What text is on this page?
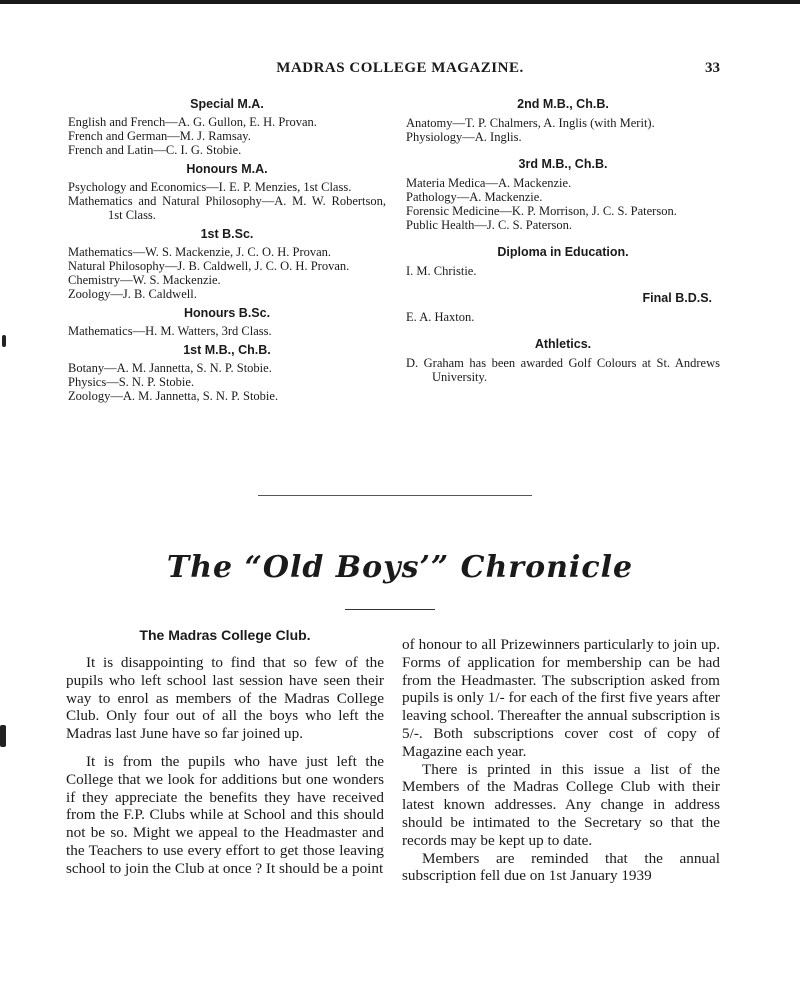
MADRAS COLLEGE MAGAZINE.	33
Special M.A.

English and French—A. G. Gullon, E. H. Provan.

French and German—M. J. Ramsay.

French and Latin—C. I. G. Stobie.

Honours M.A.

Psychology and Economics—I. E. P. Menzies, 1st Class.

Mathematics and Natural Philosophy—A. M. W. Robertson, 1st Class.

1st B.Sc.

Mathematics—W. S. Mackenzie, J. C. O. H. Provan.

Natural Philosophy—J. B. Caldwell, J. C. O. H. Provan.

Chemistry—W. S. Mackenzie.

Zoology—J. B. Caldwell.

Honours B.Sc.

Mathematics—H. M. Watters, 3rd Class.

1st M.B., Ch.B.

Botany—A. M. Jannetta, S. N. P. Stobie.

Physics—S. N. P. Stobie.

Zoology—A. M. Jannetta, S. N. P. Stobie.

2nd M.B., Ch.B.

Anatomy—T. P. Chalmers, A. Inglis (with Merit).

Physiology—A. Inglis.

3rd M.B., Ch.B.

Materia Medica—A. Mackenzie.

Pathology—A. Mackenzie.

Forensic Medicine—K. P. Morrison, J. C. S. Paterson.

Public Health—J. C. S. Paterson.

Diploma in Education.

I. M. Christie.

Final B.D.S.

E. A. Haxton.

Athletics.

D. Graham has been awarded Golf Colours at St. Andrews University.

The “Old Boys’” Chronicle
The Madras College Club.

It is disappointing to find that so few of the pupils who left school last session have seen their way to enrol as members of the Madras College Club. Only four out of all the boys who left the Madras last June have so far joined up.

It is from the pupils who have just left the College that we look for additions but one wonders if they appreciate the benefits they have received from the F.P. Clubs while at School and this should not be so. Might we appeal to the Headmaster and the Teachers to use every effort to get those leaving school to join the Club at once ? It should be a point

of honour to all Prizewinners particularly to join up. Forms of application for membership can be had from the Headmaster. The subscription asked from pupils is only 1/- for each of the first five years after leaving school. Thereafter the annual subscription is 5/-. Both subscriptions cover cost of copy of Magazine each year.

There is printed in this issue a list of the Members of the Madras College Club with their latest known addresses. Any change in address should be intimated to the Secretary so that the records may be kept up to date.

Members are reminded that the annual subscription fell due on 1st January 1939
